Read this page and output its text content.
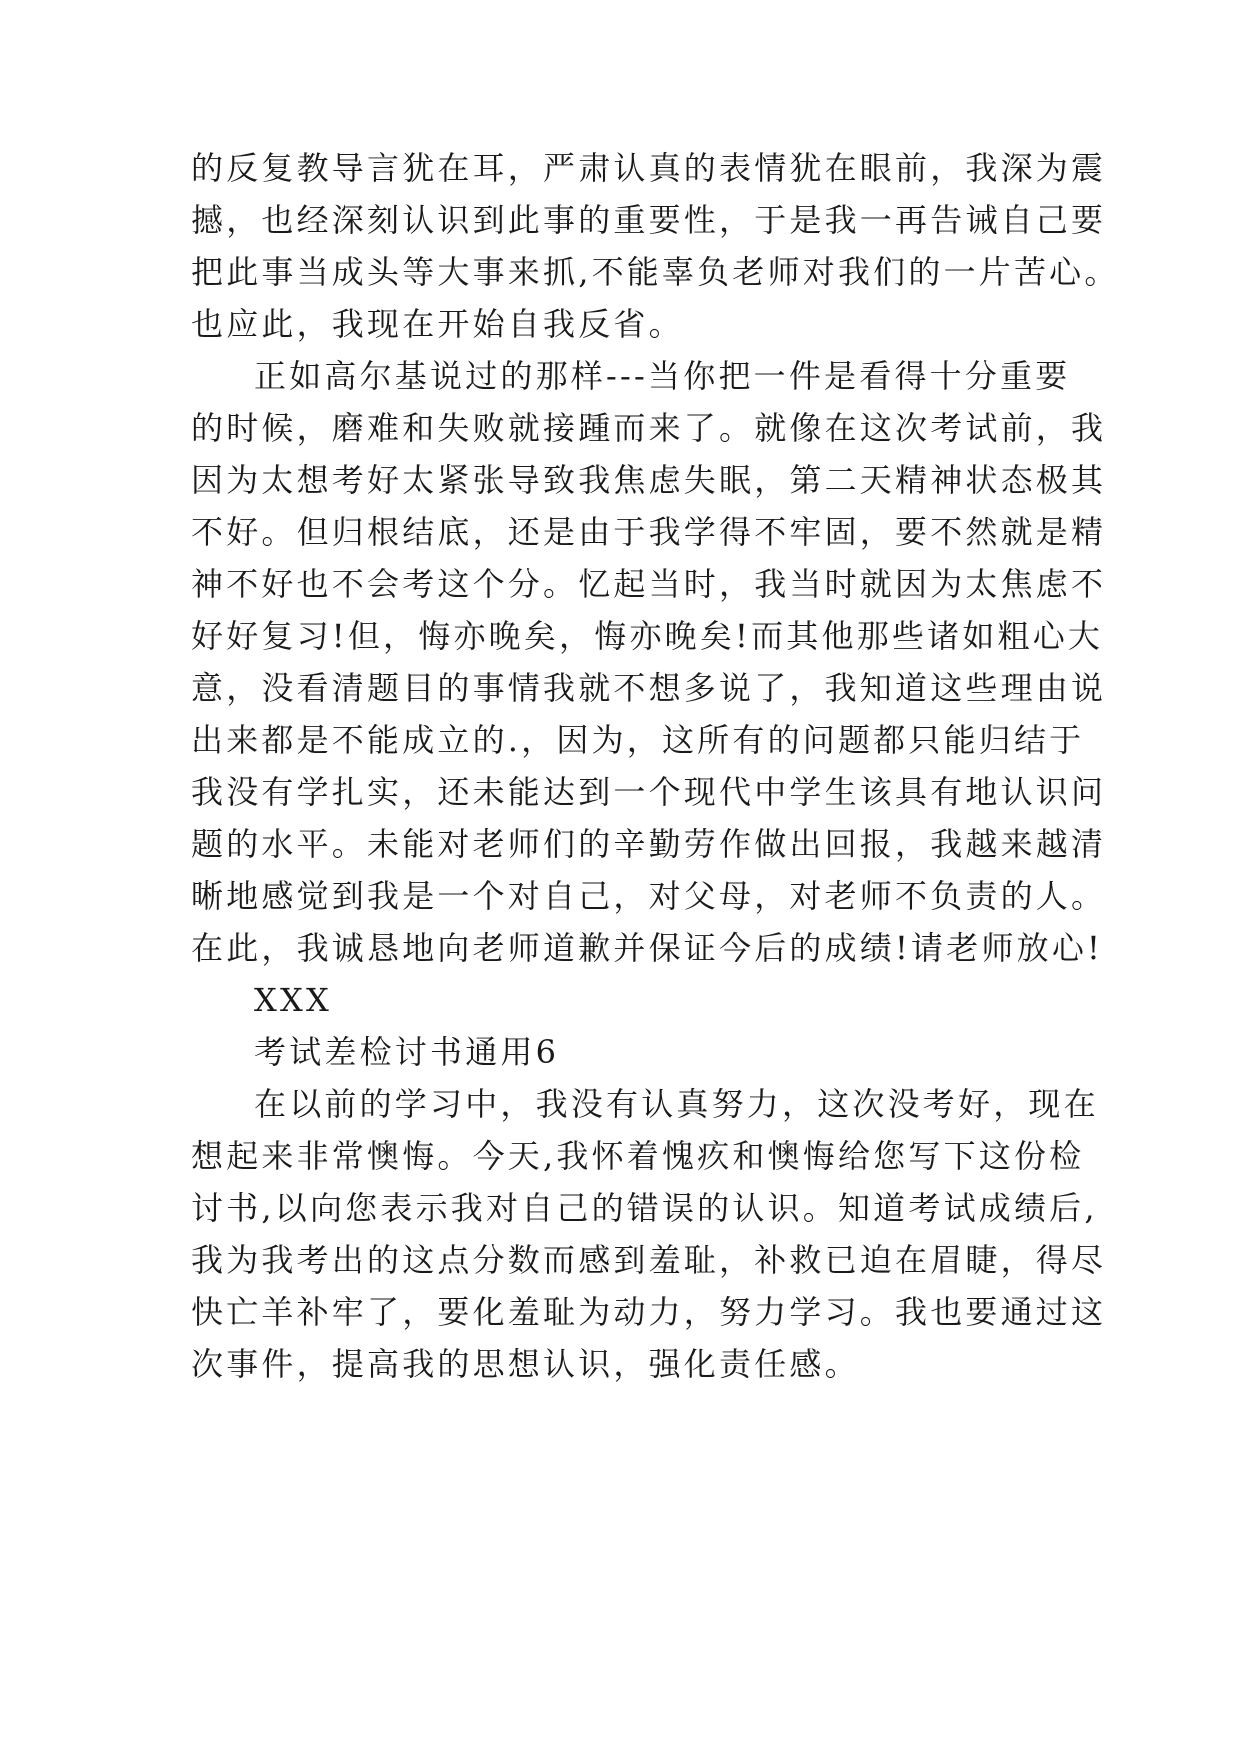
的反复教导言犹在耳，严肃认真的表情犹在眼前，我深为震
撼，也经深刻认识到此事的重要性，于是我一再告诫自己要
把此事当成头等大事来抓,不能辜负老师对我们的一片苦心。
也应此，我现在开始自我反省。
正如高尔基说过的那样---当你把一件是看得十分重要
的时候，磨难和失败就接踵而来了。就像在这次考试前，我
因为太想考好太紧张导致我焦虑失眠，第二天精神状态极其
不好。但归根结底，还是由于我学得不牢固，要不然就是精
神不好也不会考这个分。忆起当时，我当时就因为太焦虑不
好好复习!但，悔亦晚矣，悔亦晚矣!而其他那些诸如粗心大
意，没看清题目的事情我就不想多说了，我知道这些理由说
出来都是不能成立的.，因为，这所有的问题都只能归结于
我没有学扎实，还未能达到一个现代中学生该具有地认识问
题的水平。未能对老师们的辛勤劳作做出回报，我越来越清
晰地感觉到我是一个对自己，对父母，对老师不负责的人。
在此，我诚恳地向老师道歉并保证今后的成绩!请老师放心!
XXX
考试差检讨书通用6
在以前的学习中，我没有认真努力，这次没考好，现在
想起来非常懊悔。今天,我怀着愧疚和懊悔给您写下这份检
讨书,以向您表示我对自己的错误的认识。知道考试成绩后,
我为我考出的这点分数而感到羞耻，补救已迫在眉睫，得尽
快亡羊补牢了，要化羞耻为动力，努力学习。我也要通过这
次事件，提高我的思想认识，强化责任感。
